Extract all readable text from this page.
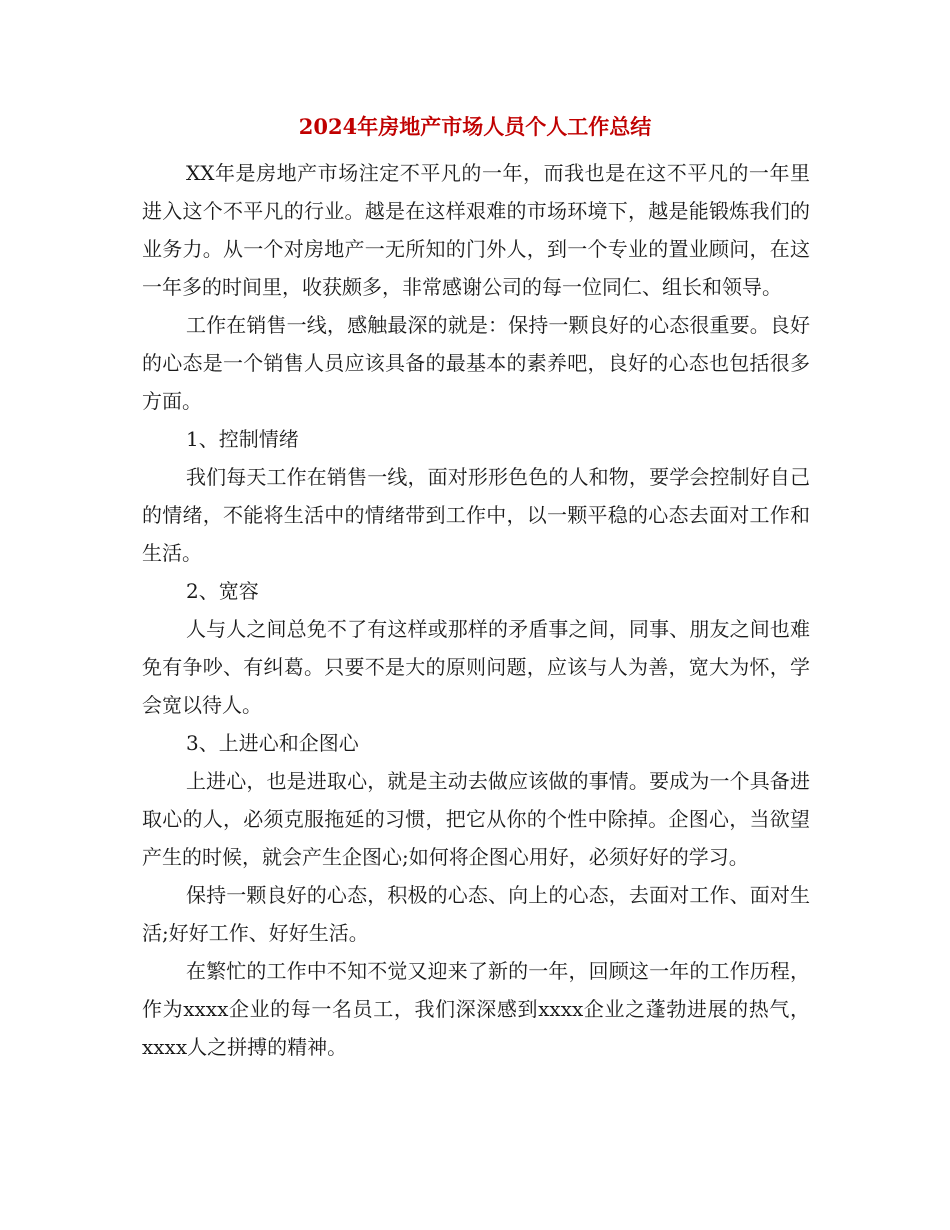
2024年房地产市场人员个人工作总结

XX年是房地产市场注定不平凡的一年，而我也是在这不平凡的一年里进入这个不平凡的行业。越是在这样艰难的市场环境下，越是能锻炼我们的业务力。从一个对房地产一无所知的门外人，到一个专业的置业顾问，在这一年多的时间里，收获颇多，非常感谢公司的每一位同仁、组长和领导。

工作在销售一线，感触最深的就是：保持一颗良好的心态很重要。良好的心态是一个销售人员应该具备的最基本的素养吧，良好的心态也包括很多方面。

1、控制情绪

我们每天工作在销售一线，面对形形色色的人和物，要学会控制好自己的情绪，不能将生活中的情绪带到工作中，以一颗平稳的心态去面对工作和生活。

2、宽容

人与人之间总免不了有这样或那样的矛盾事之间，同事、朋友之间也难免有争吵、有纠葛。只要不是大的原则问题，应该与人为善，宽大为怀，学会宽以待人。

3、上进心和企图心

上进心，也是进取心，就是主动去做应该做的事情。要成为一个具备进取心的人，必须克服拖延的习惯，把它从你的个性中除掉。企图心，当欲望产生的时候，就会产生企图心;如何将企图心用好，必须好好的学习。

保持一颗良好的心态，积极的心态、向上的心态，去面对工作、面对生活;好好工作、好好生活。

在繁忙的工作中不知不觉又迎来了新的一年，回顾这一年的工作历程，作为xxxx企业的每一名员工，我们深深感到xxxx企业之蓬勃进展的热气，xxxx人之拼搏的精神。
